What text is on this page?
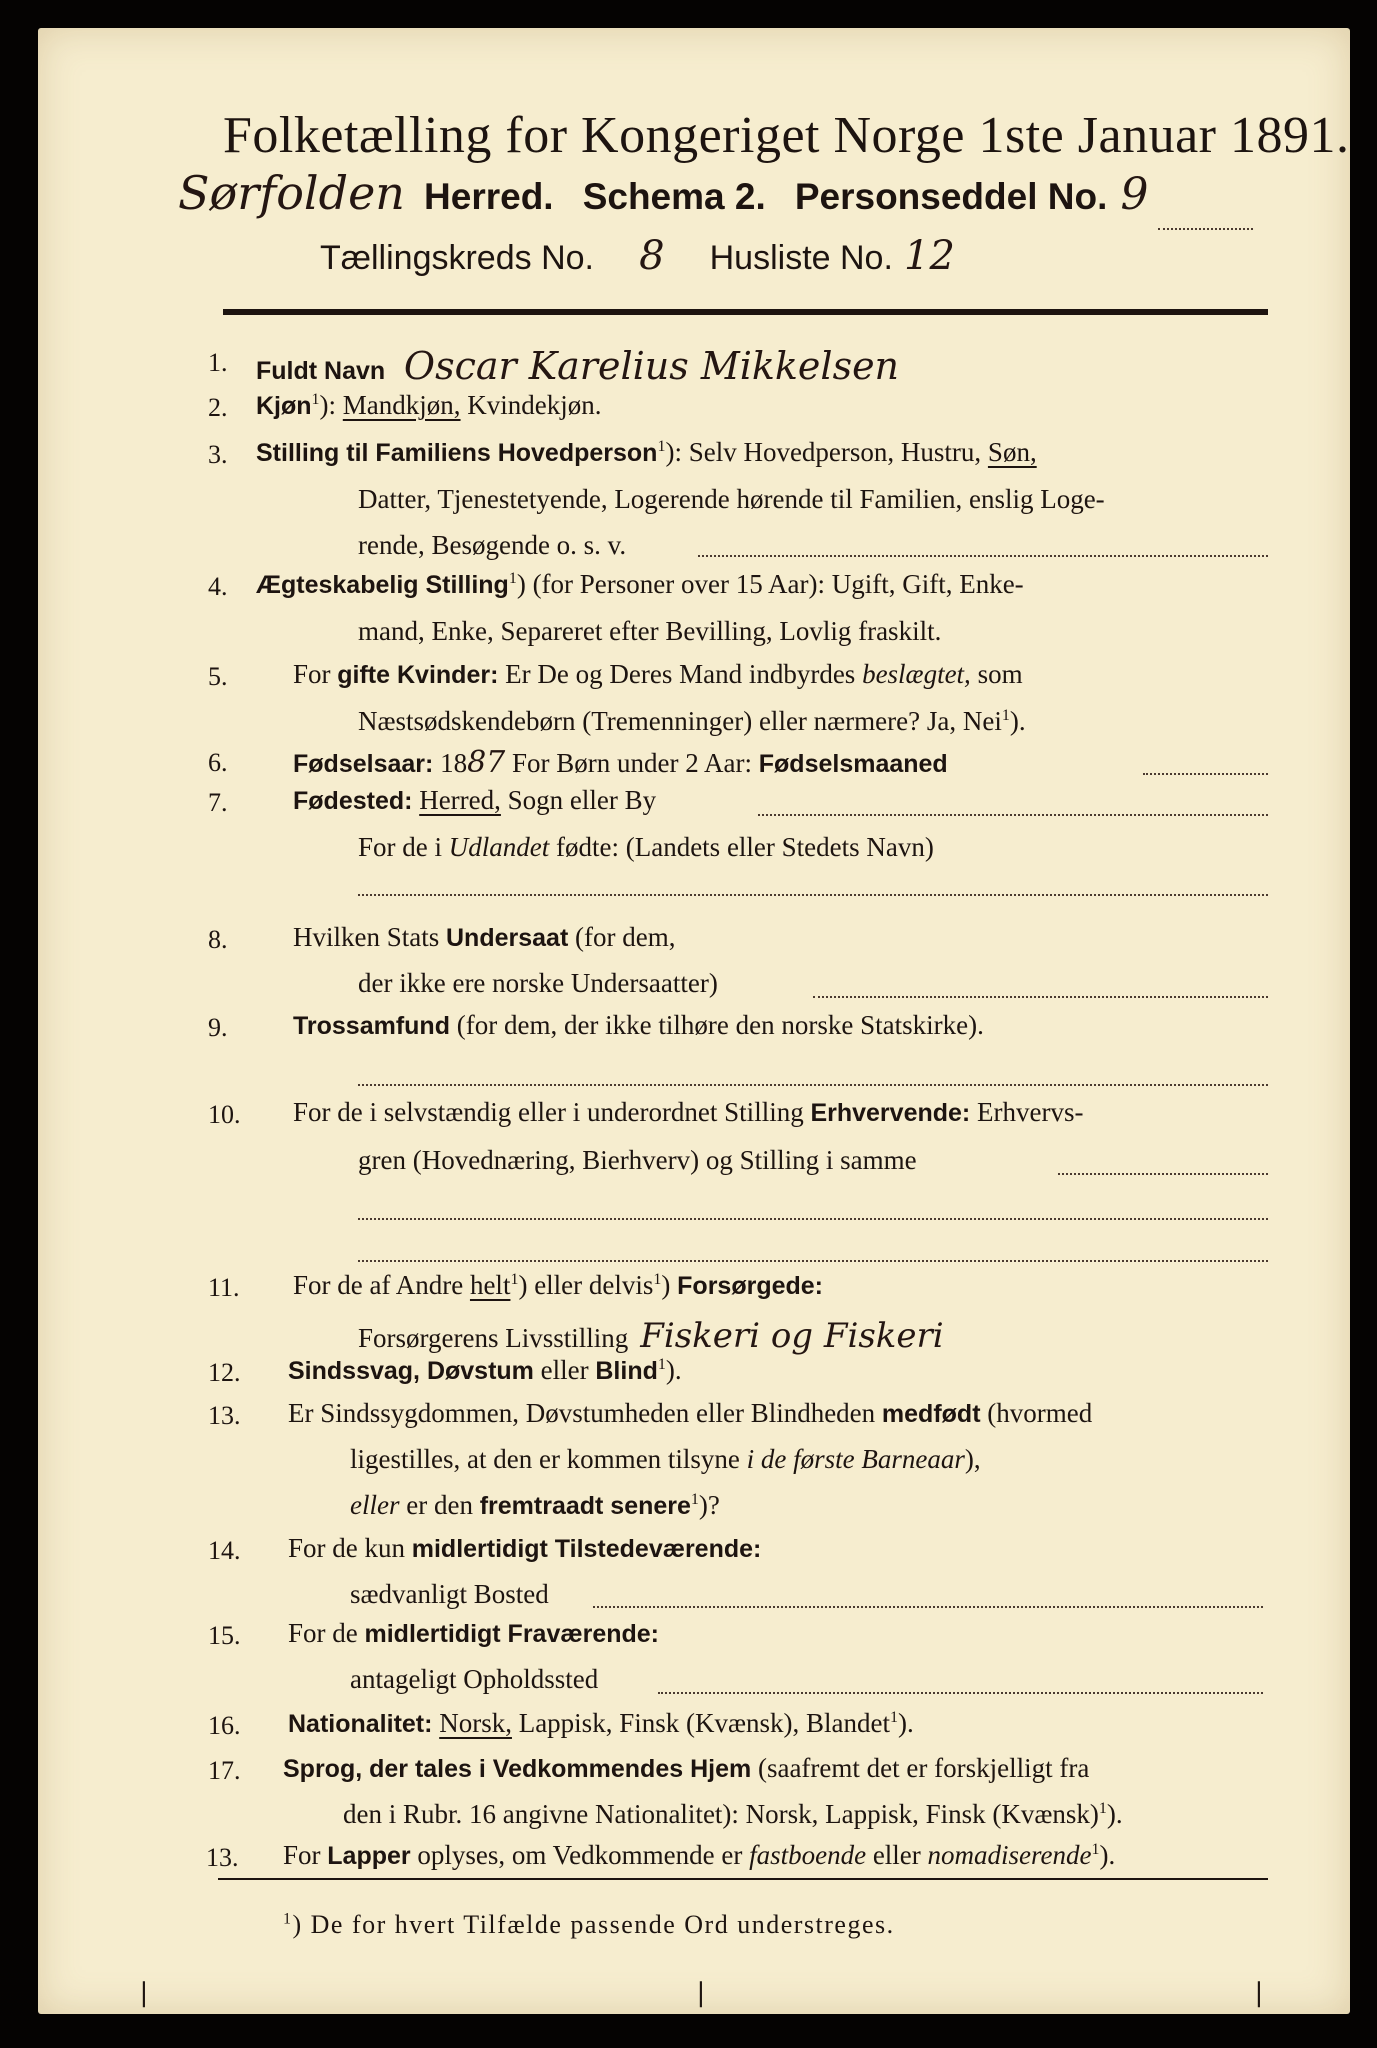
Folketælling for Kongeriget Norge 1ste Januar 1891.
Sørfolden Herred. Schema 2. Personseddel No. 9
Tællingskreds No. 8 Husliste No. 12
1. Fuldt Navn Oscar Karelius Mikkelsen
2. Kjøn$^1$): Mandkjøn, Kvindekjøn.
3. Stilling til Familiens Hovedperson$^1$): Selv Hovedperson, Hustru, Søn,
Datter, Tjenestetyende, Logerende hørende til Familien, enslig Loge-
rende, Besøgende o. s. v.
4. Ægteskabelig Stilling$^1$) (for Personer over 15 Aar): Ugift, Gift, Enke-
mand, Enke, Separeret efter Bevilling, Lovlig fraskilt.
5. For gifte Kvinder: Er De og Deres Mand indbyrdes beslægtet, som
Næstsødskendebørn (Tremenninger) eller nærmere? Ja, Nei$^1$).
6.	Fødselsaar: 1887 For Børn under 2 Aar: Fødselsmaaned
7.	Fødested: Herred, Sogn eller By
For de i Udlandet fødte: (Landets eller Stedets Navn)
8. Hvilken Stats Undersaat (for dem,
der ikke ere norske Undersaatter)
9.	Trossamfund (for dem, der ikke tilhøre den norske Statskirke).
10. For de i selvstændig eller i underordnet Stilling Erhvervende: Erhvervs-
gren (Hovednæring, Bierhverv) og Stilling i samme
11. For de af Andre helt$^1$) eller delvis$^1$) Forsørgede:
Forsørgerens Livsstilling Fiskeri og Fiskeri
12. Sindssvag, Døvstum eller Blind$^1$).
13. Er Sindssygdommen, Døvstumheden eller Blindheden medfødt (hvormed
ligestilles, at den er kommen tilsyne i de første Barneaar),
eller er den fremtraadt senere$^1$)?
14. For de kun midlertidigt Tilstedeværende:
sædvanligt Bosted
15. For de midlertidigt Fraværende:
antageligt Opholdssted
16. Nationalitet: Norsk, Lappisk, Finsk (Kvænsk), Blandet$^1$).
17. Sprog, der tales i Vedkommendes Hjem (saafremt det er forskjelligt fra
den i Rubr. 16 angivne Nationalitet): Norsk, Lappisk, Finsk (Kvænsk)$^1$).
13. For Lapper oplyses, om Vedkommende er fastboende eller nomadiserende$^1$).
$^1$) De for hvert Tilfælde passende Ord understreges.
❘	❘	❘
